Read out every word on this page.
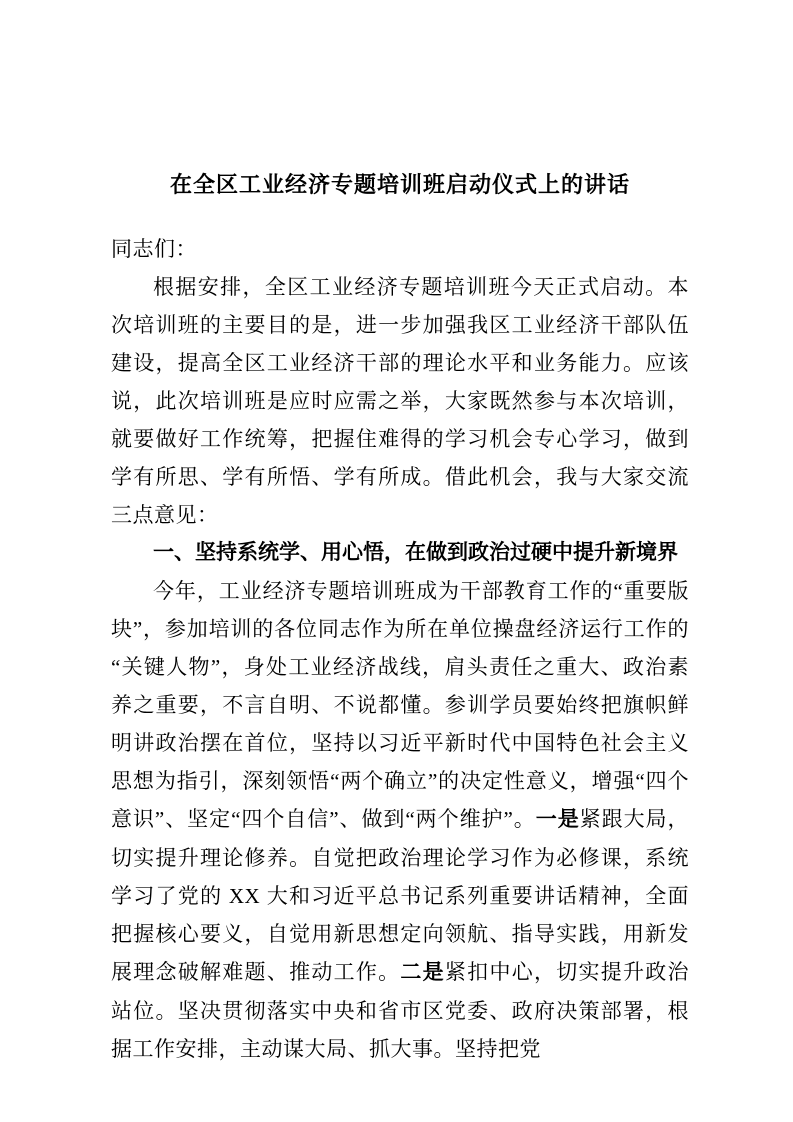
在全区工业经济专题培训班启动仪式上的讲话

同志们：

根据安排，全区工业经济专题培训班今天正式启动。本次培训班的主要目的是，进一步加强我区工业经济干部队伍建设，提高全区工业经济干部的理论水平和业务能力。应该说，此次培训班是应时应需之举，大家既然参与本次培训，就要做好工作统筹，把握住难得的学习机会专心学习，做到学有所思、学有所悟、学有所成。借此机会，我与大家交流三点意见：

一、坚持系统学、用心悟，在做到政治过硬中提升新境界

今年，工业经济专题培训班成为干部教育工作的“重要版块”，参加培训的各位同志作为所在单位操盘经济运行工作的“关键人物”，身处工业经济战线，肩头责任之重大、政治素养之重要，不言自明、不说都懂。参训学员要始终把旗帜鲜明讲政治摆在首位，坚持以习近平新时代中国特色社会主义思想为指引，深刻领悟“两个确立”的决定性意义，增强“四个意识”、坚定“四个自信”、做到“两个维护”。一是紧跟大局，切实提升理论修养。自觉把政治理论学习作为必修课，系统学习了党的 XX 大和习近平总书记系列重要讲话精神，全面把握核心要义，自觉用新思想定向领航、指导实践，用新发展理念破解难题、推动工作。二是紧扣中心，切实提升政治站位。坚决贯彻落实中央和省市区党委、政府决策部署，根据工作安排，主动谋大局、抓大事。坚持把党
